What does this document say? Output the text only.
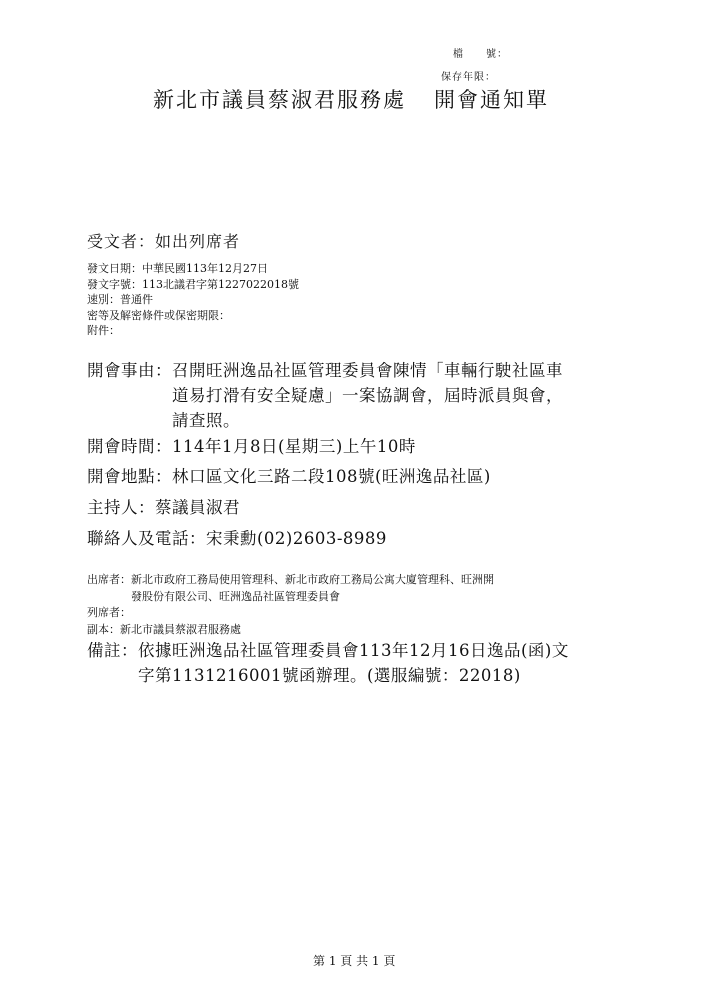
檔　　號：
保存年限：
新北市議員蔡淑君服務處 開會通知單
受文者：如出列席者
發文日期：中華民國113年12月27日
發文字號：113北議君字第1227022018號
速別：普通件
密等及解密條件或保密期限：
附件：
開會事由： 召開旺洲逸品社區管理委員會陳情「車輛行駛社區車
道易打滑有安全疑慮」一案協調會，屆時派員與會，
請查照。
開會時間：114年1月8日(星期三)上午10時
開會地點：林口區文化三路二段108號(旺洲逸品社區)
主持人：蔡議員淑君
聯絡人及電話：宋秉勳(02)2603-8989
出席者： 新北市政府工務局使用管理科、新北市政府工務局公寓大廈管理科、旺洲開
發股份有限公司、旺洲逸品社區管理委員會
列席者：
副本：新北市議員蔡淑君服務處
備註： 依據旺洲逸品社區管理委員會113年12月16日逸品(函)文
字第1131216001號函辦理。(選服編號：22018)
第 1 頁 共 1 頁
